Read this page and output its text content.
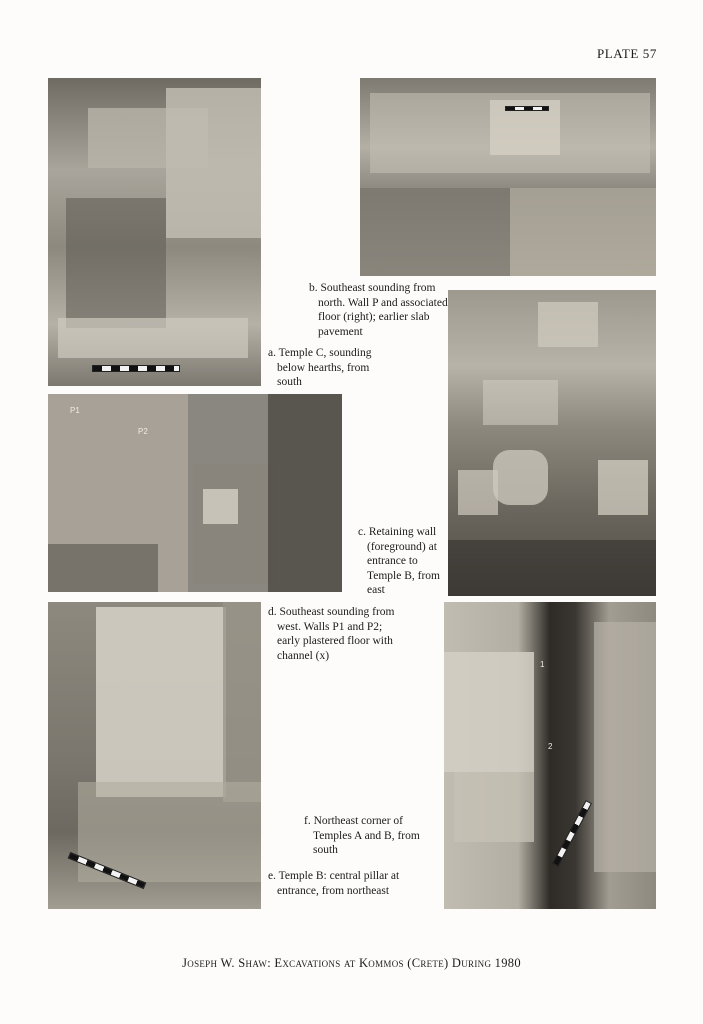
PLATE 57
b. Southeast sounding from north. Wall P and associated floor (right); earlier slab pavement
a. Temple C, sounding below hearths, from south
P1
P2
c. Retaining wall (foreground) at entrance to Temple B, from east
d. Southeast sounding from west. Walls P1 and P2; early plastered floor with channel (x)
1
2
f. Northeast corner of Temples A and B, from south
e. Temple B: central pillar at entrance, from northeast
Joseph W. Shaw: Excavations at Kommos (Crete) During 1980
